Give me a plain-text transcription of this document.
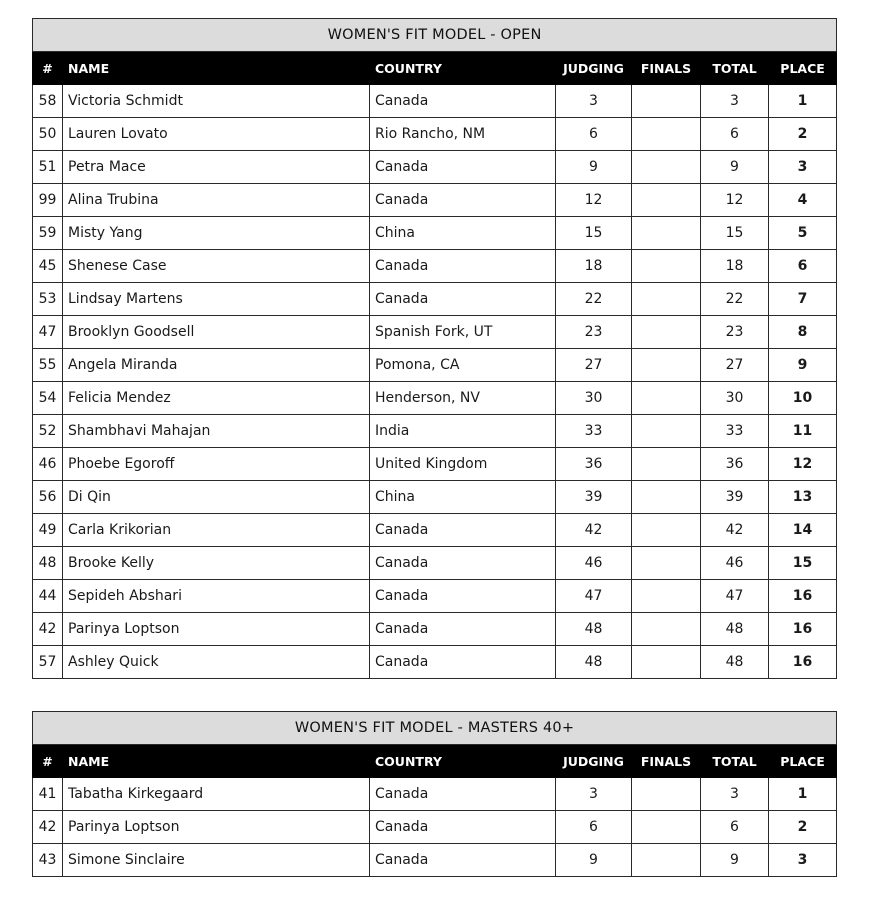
WOMEN'S FIT MODEL - OPEN						
#	NAME	COUNTRY	JUDGING	FINALS	TOTAL	PLACE
58	Victoria Schmidt	Canada	3		3	1
50	Lauren Lovato	Rio Rancho, NM	6		6	2
51	Petra Mace	Canada	9		9	3
99	Alina Trubina	Canada	12		12	4
59	Misty Yang	China	15		15	5
45	Shenese Case	Canada	18		18	6
53	Lindsay Martens	Canada	22		22	7
47	Brooklyn Goodsell	Spanish Fork, UT	23		23	8
55	Angela Miranda	Pomona, CA	27		27	9
54	Felicia Mendez	Henderson, NV	30		30	10
52	Shambhavi Mahajan	India	33		33	11
46	Phoebe Egoroff	United Kingdom	36		36	12
56	Di Qin	China	39		39	13
49	Carla Krikorian	Canada	42		42	14
48	Brooke Kelly	Canada	46		46	15
44	Sepideh Abshari	Canada	47		47	16
42	Parinya Loptson	Canada	48		48	16
57	Ashley Quick	Canada	48		48	16
WOMEN'S FIT MODEL - MASTERS 40+						
#	NAME	COUNTRY	JUDGING	FINALS	TOTAL	PLACE
41	Tabatha Kirkegaard	Canada	3		3	1
42	Parinya Loptson	Canada	6		6	2
43	Simone Sinclaire	Canada	9		9	3
